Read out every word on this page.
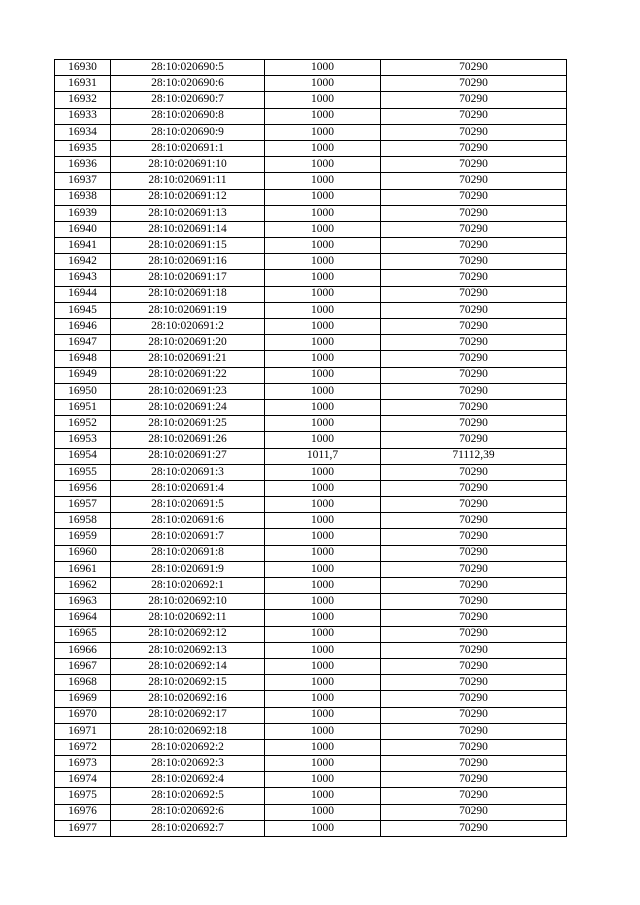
16930	28:10:020690:5	1000	70290
16931	28:10:020690:6	1000	70290
16932	28:10:020690:7	1000	70290
16933	28:10:020690:8	1000	70290
16934	28:10:020690:9	1000	70290
16935	28:10:020691:1	1000	70290
16936	28:10:020691:10	1000	70290
16937	28:10:020691:11	1000	70290
16938	28:10:020691:12	1000	70290
16939	28:10:020691:13	1000	70290
16940	28:10:020691:14	1000	70290
16941	28:10:020691:15	1000	70290
16942	28:10:020691:16	1000	70290
16943	28:10:020691:17	1000	70290
16944	28:10:020691:18	1000	70290
16945	28:10:020691:19	1000	70290
16946	28:10:020691:2	1000	70290
16947	28:10:020691:20	1000	70290
16948	28:10:020691:21	1000	70290
16949	28:10:020691:22	1000	70290
16950	28:10:020691:23	1000	70290
16951	28:10:020691:24	1000	70290
16952	28:10:020691:25	1000	70290
16953	28:10:020691:26	1000	70290
16954	28:10:020691:27	1011,7	71112,39
16955	28:10:020691:3	1000	70290
16956	28:10:020691:4	1000	70290
16957	28:10:020691:5	1000	70290
16958	28:10:020691:6	1000	70290
16959	28:10:020691:7	1000	70290
16960	28:10:020691:8	1000	70290
16961	28:10:020691:9	1000	70290
16962	28:10:020692:1	1000	70290
16963	28:10:020692:10	1000	70290
16964	28:10:020692:11	1000	70290
16965	28:10:020692:12	1000	70290
16966	28:10:020692:13	1000	70290
16967	28:10:020692:14	1000	70290
16968	28:10:020692:15	1000	70290
16969	28:10:020692:16	1000	70290
16970	28:10:020692:17	1000	70290
16971	28:10:020692:18	1000	70290
16972	28:10:020692:2	1000	70290
16973	28:10:020692:3	1000	70290
16974	28:10:020692:4	1000	70290
16975	28:10:020692:5	1000	70290
16976	28:10:020692:6	1000	70290
16977	28:10:020692:7	1000	70290
